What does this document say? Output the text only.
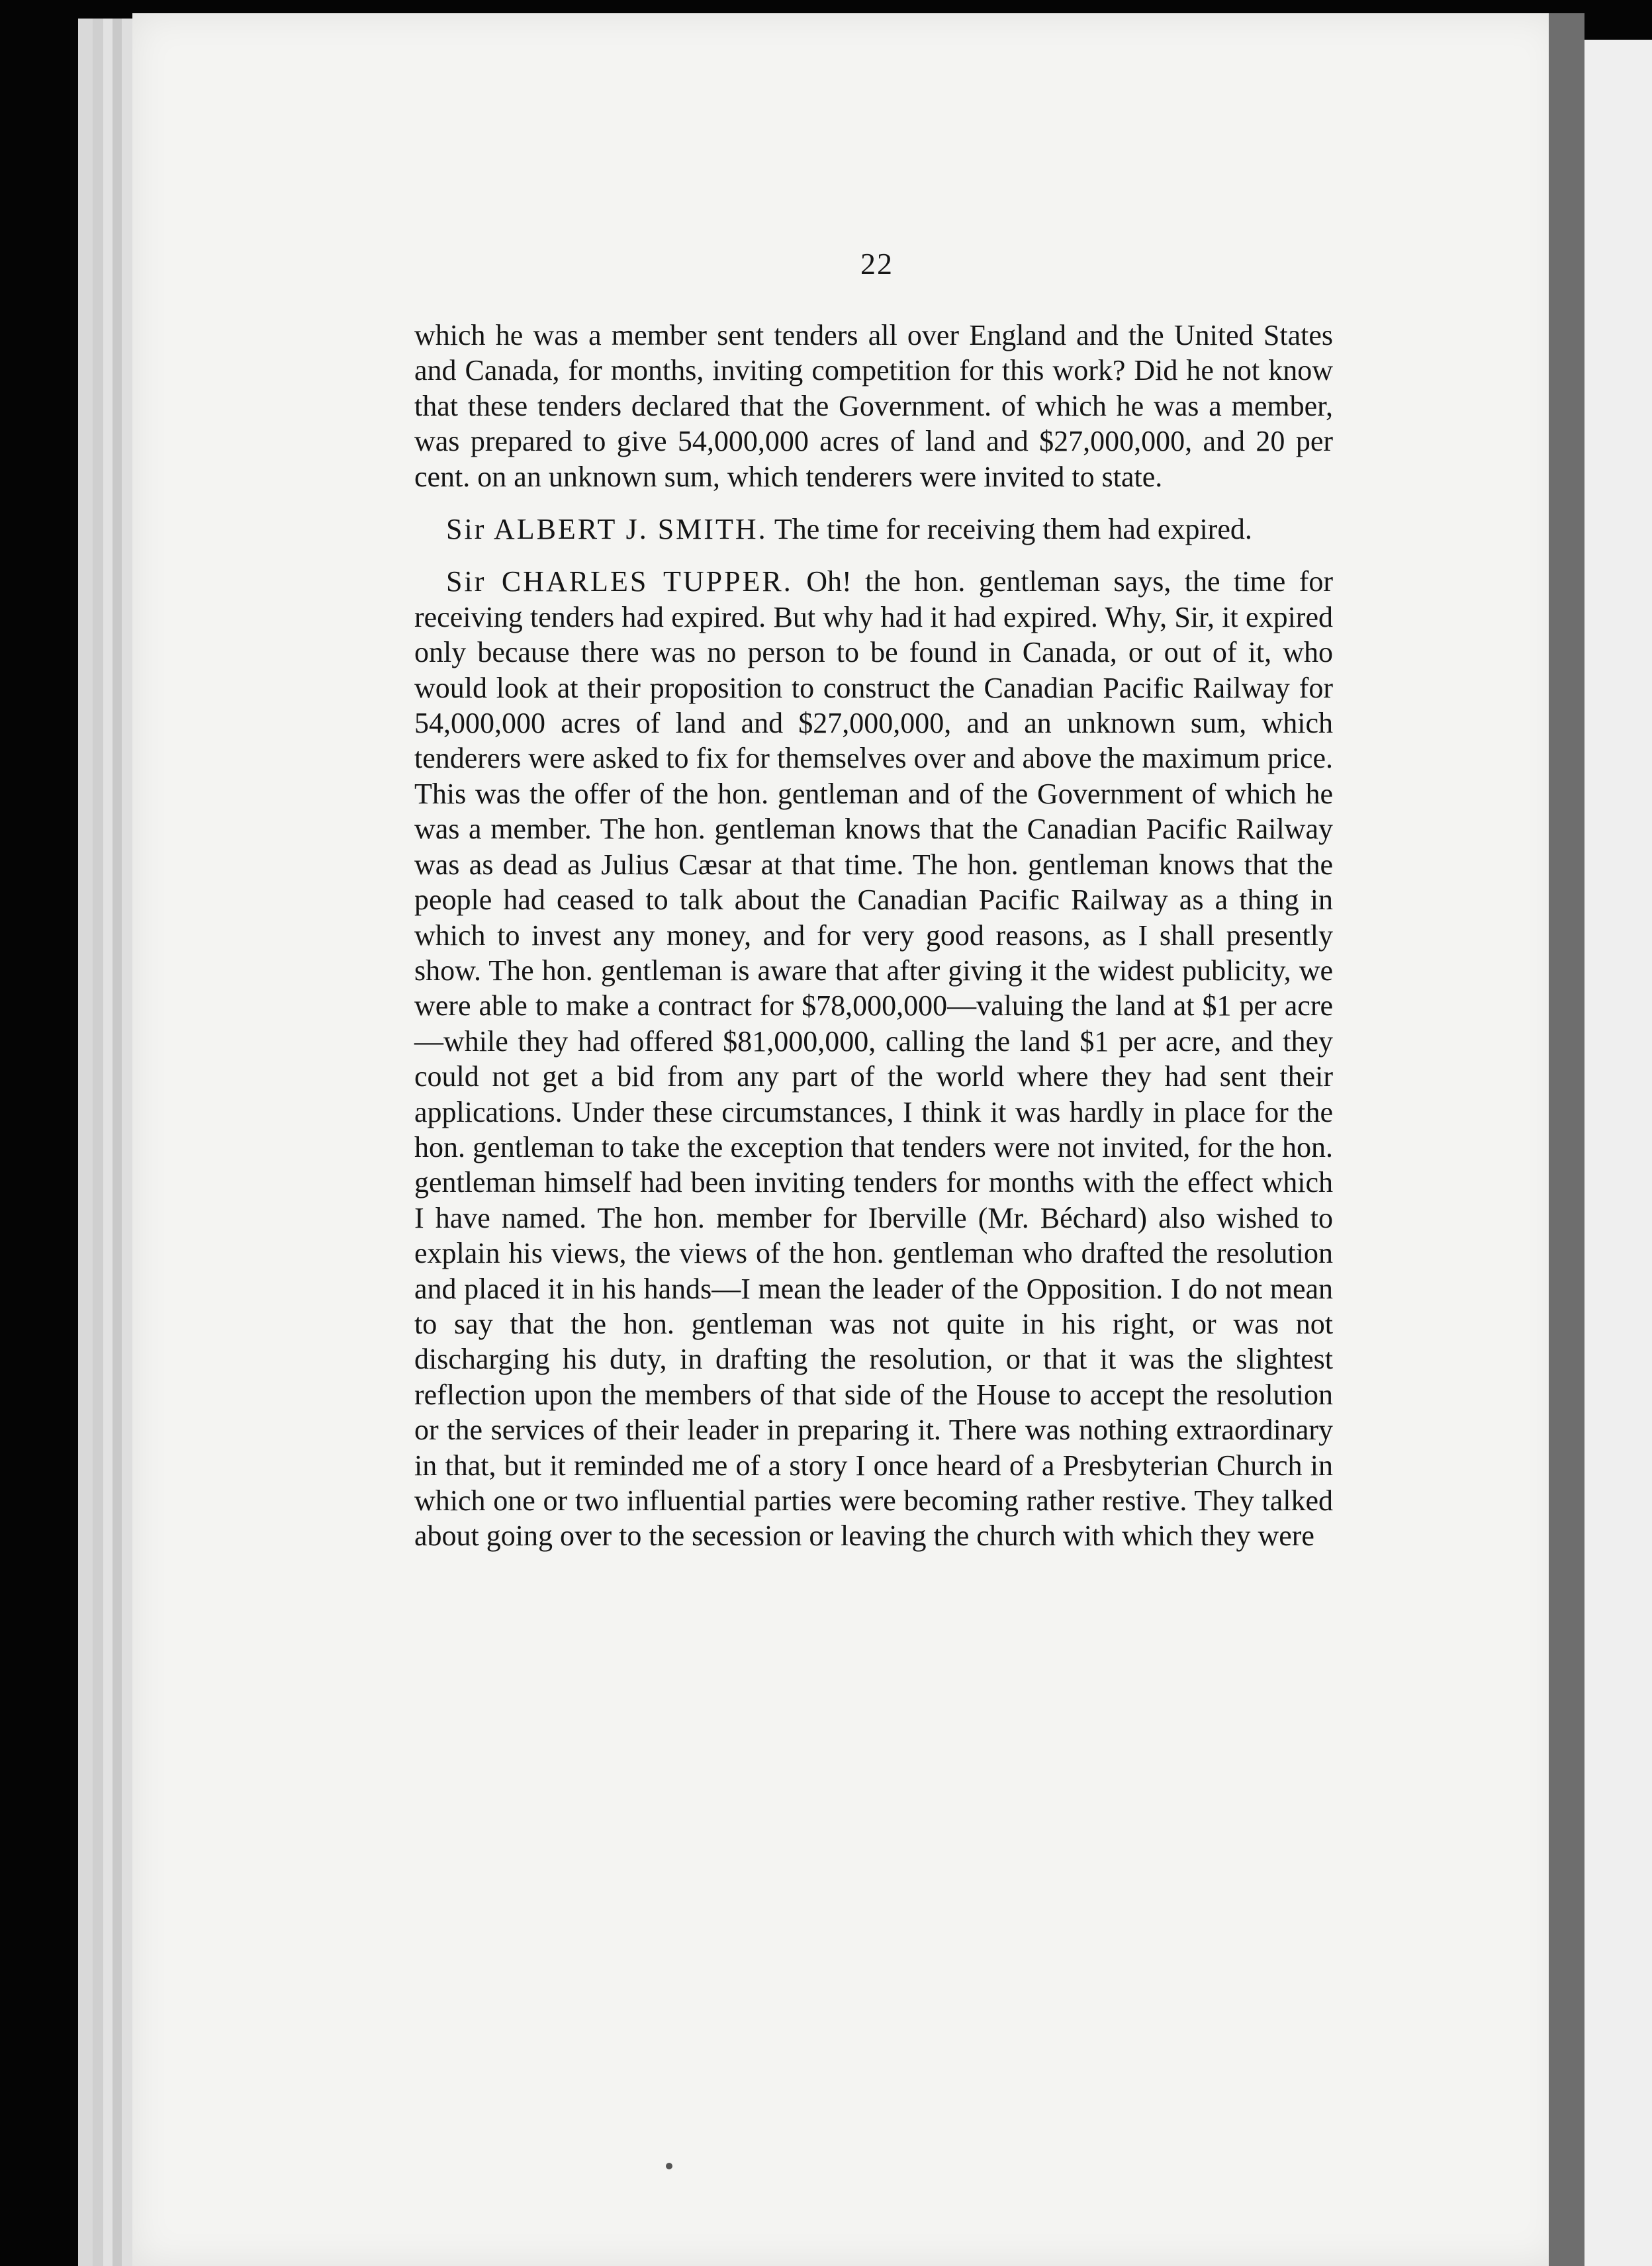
22

which he was a member sent tenders all over England and the United States and Canada, for months, inviting competition for this work? Did he not know that these tenders declared that the Government. of which he was a member, was prepared to give 54,000,000 acres of land and $27,000,000, and 20 per cent. on an unknown sum, which tenderers were invited to state.

Sir ALBERT J. SMITH. The time for receiving them had expired.

Sir CHARLES TUPPER. Oh! the hon. gentleman says, the time for receiving tenders had expired. But why had it had expired. Why, Sir, it expired only because there was no person to be found in Canada, or out of it, who would look at their proposition to construct the Canadian Pacific Railway for 54,000,000 acres of land and $27,000,000, and an unknown sum, which tenderers were asked to fix for themselves over and above the maximum price. This was the offer of the hon. gentleman and of the Government of which he was a member. The hon. gentleman knows that the Canadian Pacific Railway was as dead as Julius Cæsar at that time. The hon. gentleman knows that the people had ceased to talk about the Canadian Pacific Railway as a thing in which to invest any money, and for very good reasons, as I shall presently show. The hon. gentleman is aware that after giving it the widest publicity, we were able to make a contract for $78,000,000—valuing the land at $1 per acre—while they had offered $81,000,000, calling the land $1 per acre, and they could not get a bid from any part of the world where they had sent their applications. Under these circumstances, I think it was hardly in place for the hon. gentleman to take the exception that tenders were not invited, for the hon. gentleman himself had been inviting tenders for months with the effect which I have named. The hon. member for Iberville (Mr. Béchard) also wished to explain his views, the views of the hon. gentleman who drafted the resolution and placed it in his hands—I mean the leader of the Opposition. I do not mean to say that the hon. gentleman was not quite in his right, or was not discharging his duty, in drafting the resolution, or that it was the slightest reflection upon the members of that side of the House to accept the resolution or the services of their leader in preparing it. There was nothing extraordinary in that, but it reminded me of a story I once heard of a Presbyterian Church in which one or two influential parties were becoming rather restive. They talked about going over to the secession or leaving the church with which they were
